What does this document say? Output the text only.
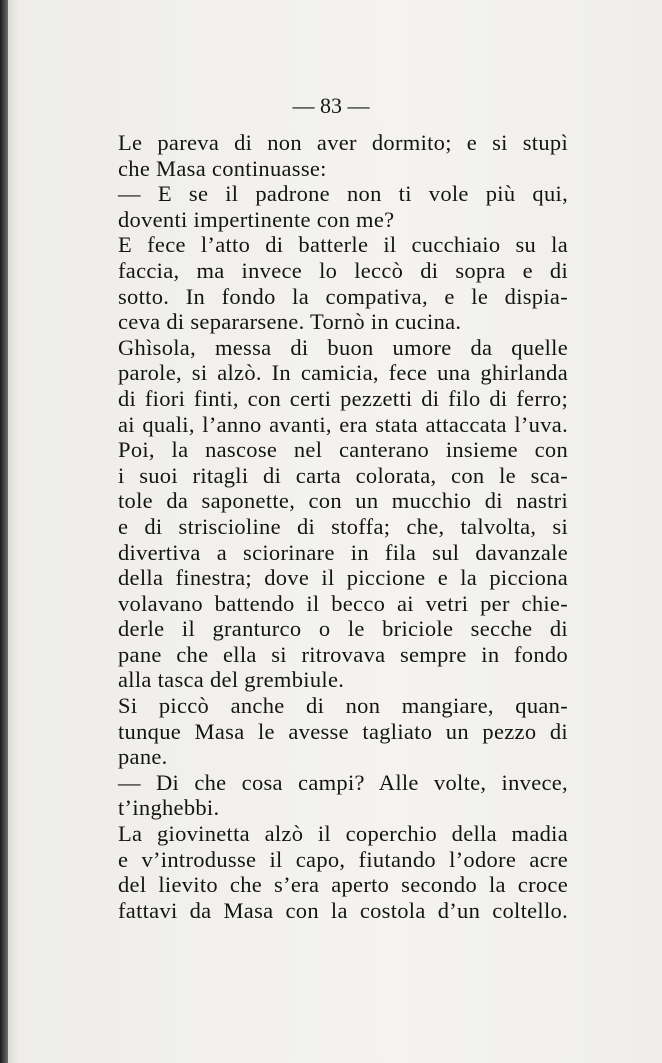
— 83 —
Le pareva di non aver dormito; e si stupì
che Masa continuasse:
— E se il padrone non ti vole più qui,
doventi impertinente con me?
E fece l’atto di batterle il cucchiaio su la
faccia, ma invece lo leccò di sopra e di
sotto. In fondo la compativa, e le dispia-
ceva di separarsene. Tornò in cucina.
Ghìsola, messa di buon umore da quelle
parole, si alzò. In camicia, fece una ghirlanda
di fiori finti, con certi pezzetti di filo di ferro;
ai quali, l’anno avanti, era stata attaccata l’uva.
Poi, la nascose nel canterano insieme con
i suoi ritagli di carta colorata, con le sca-
tole da saponette, con un mucchio di nastri
e di striscioline di stoffa; che, talvolta, si
divertiva a sciorinare in fila sul davanzale
della finestra; dove il piccione e la picciona
volavano battendo il becco ai vetri per chie-
derle il granturco o le briciole secche di
pane che ella si ritrovava sempre in fondo
alla tasca del grembiule.
Si piccò anche di non mangiare, quan-
tunque Masa le avesse tagliato un pezzo di
pane.
— Di che cosa campi? Alle volte, invece,
t’inghebbi.
La giovinetta alzò il coperchio della madia
e v’introdusse il capo, fiutando l’odore acre
del lievito che s’era aperto secondo la croce
fattavi da Masa con la costola d’un coltello.
